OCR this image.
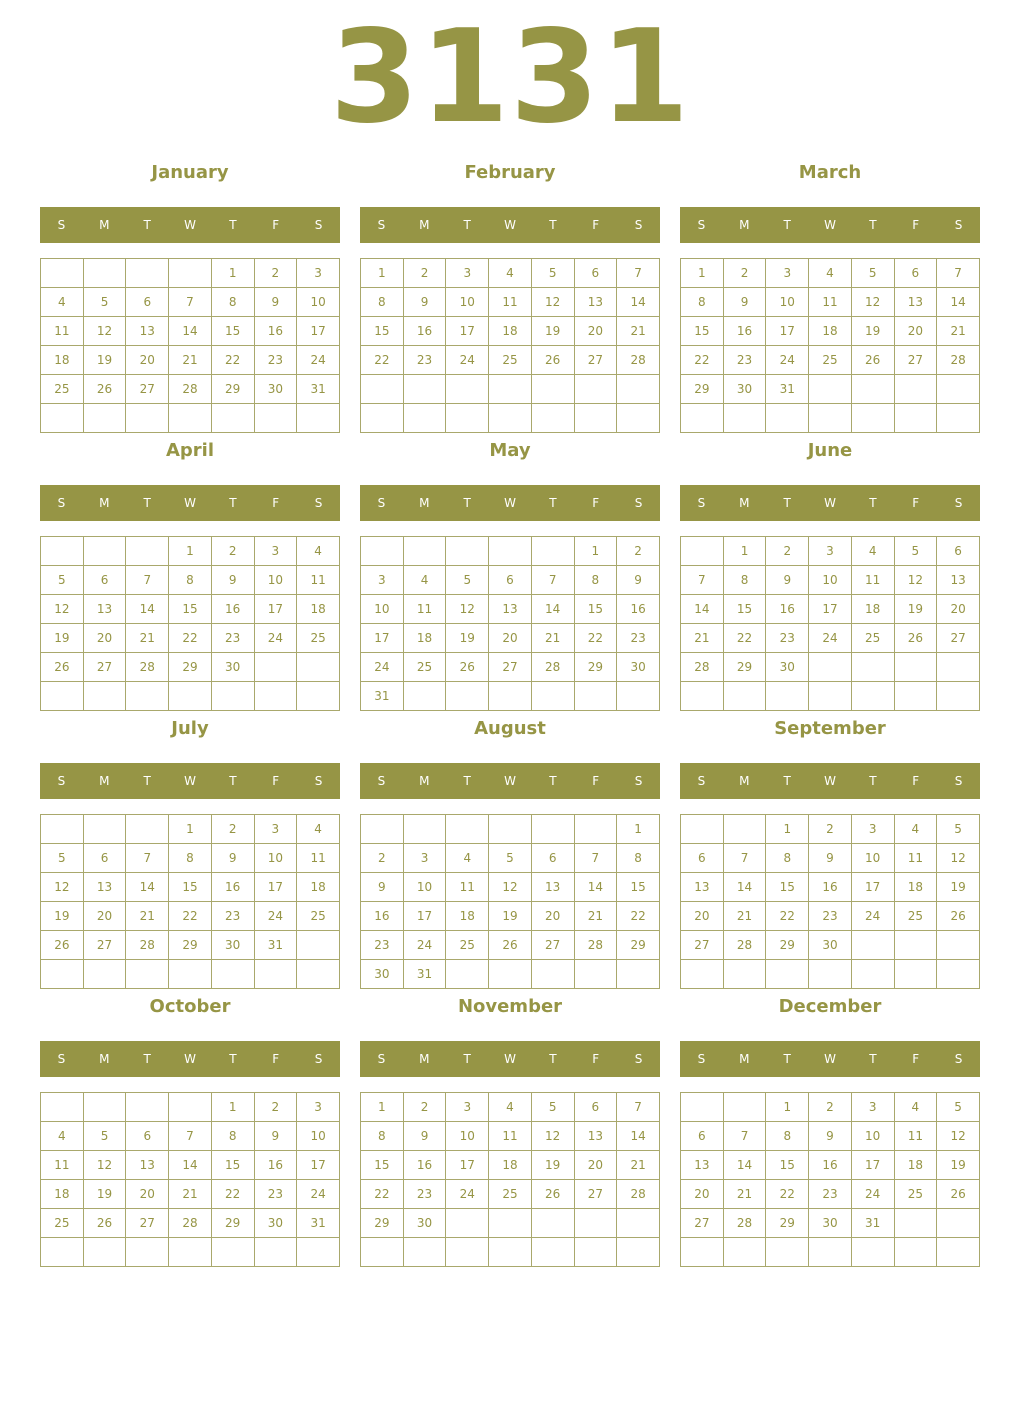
3131
January
S	M	T	W	T	F	S
				1	2	3
4	5	6	7	8	9	10
11	12	13	14	15	16	17
18	19	20	21	22	23	24
25	26	27	28	29	30	31

February
S	M	T	W	T	F	S
1	2	3	4	5	6	7
8	9	10	11	12	13	14
15	16	17	18	19	20	21
22	23	24	25	26	27	28

March
S	M	T	W	T	F	S
1	2	3	4	5	6	7
8	9	10	11	12	13	14
15	16	17	18	19	20	21
22	23	24	25	26	27	28
29	30	31				

April
S	M	T	W	T	F	S
			1	2	3	4
5	6	7	8	9	10	11
12	13	14	15	16	17	18
19	20	21	22	23	24	25
26	27	28	29	30		

May
S	M	T	W	T	F	S
					1	2
3	4	5	6	7	8	9
10	11	12	13	14	15	16
17	18	19	20	21	22	23
24	25	26	27	28	29	30
31						
June
S	M	T	W	T	F	S
	1	2	3	4	5	6
7	8	9	10	11	12	13
14	15	16	17	18	19	20
21	22	23	24	25	26	27
28	29	30				

July
S	M	T	W	T	F	S
			1	2	3	4
5	6	7	8	9	10	11
12	13	14	15	16	17	18
19	20	21	22	23	24	25
26	27	28	29	30	31	

August
S	M	T	W	T	F	S
						1
2	3	4	5	6	7	8
9	10	11	12	13	14	15
16	17	18	19	20	21	22
23	24	25	26	27	28	29
30	31					
September
S	M	T	W	T	F	S
		1	2	3	4	5
6	7	8	9	10	11	12
13	14	15	16	17	18	19
20	21	22	23	24	25	26
27	28	29	30			

October
S	M	T	W	T	F	S
				1	2	3
4	5	6	7	8	9	10
11	12	13	14	15	16	17
18	19	20	21	22	23	24
25	26	27	28	29	30	31

November
S	M	T	W	T	F	S
1	2	3	4	5	6	7
8	9	10	11	12	13	14
15	16	17	18	19	20	21
22	23	24	25	26	27	28
29	30					

December
S	M	T	W	T	F	S
		1	2	3	4	5
6	7	8	9	10	11	12
13	14	15	16	17	18	19
20	21	22	23	24	25	26
27	28	29	30	31		
